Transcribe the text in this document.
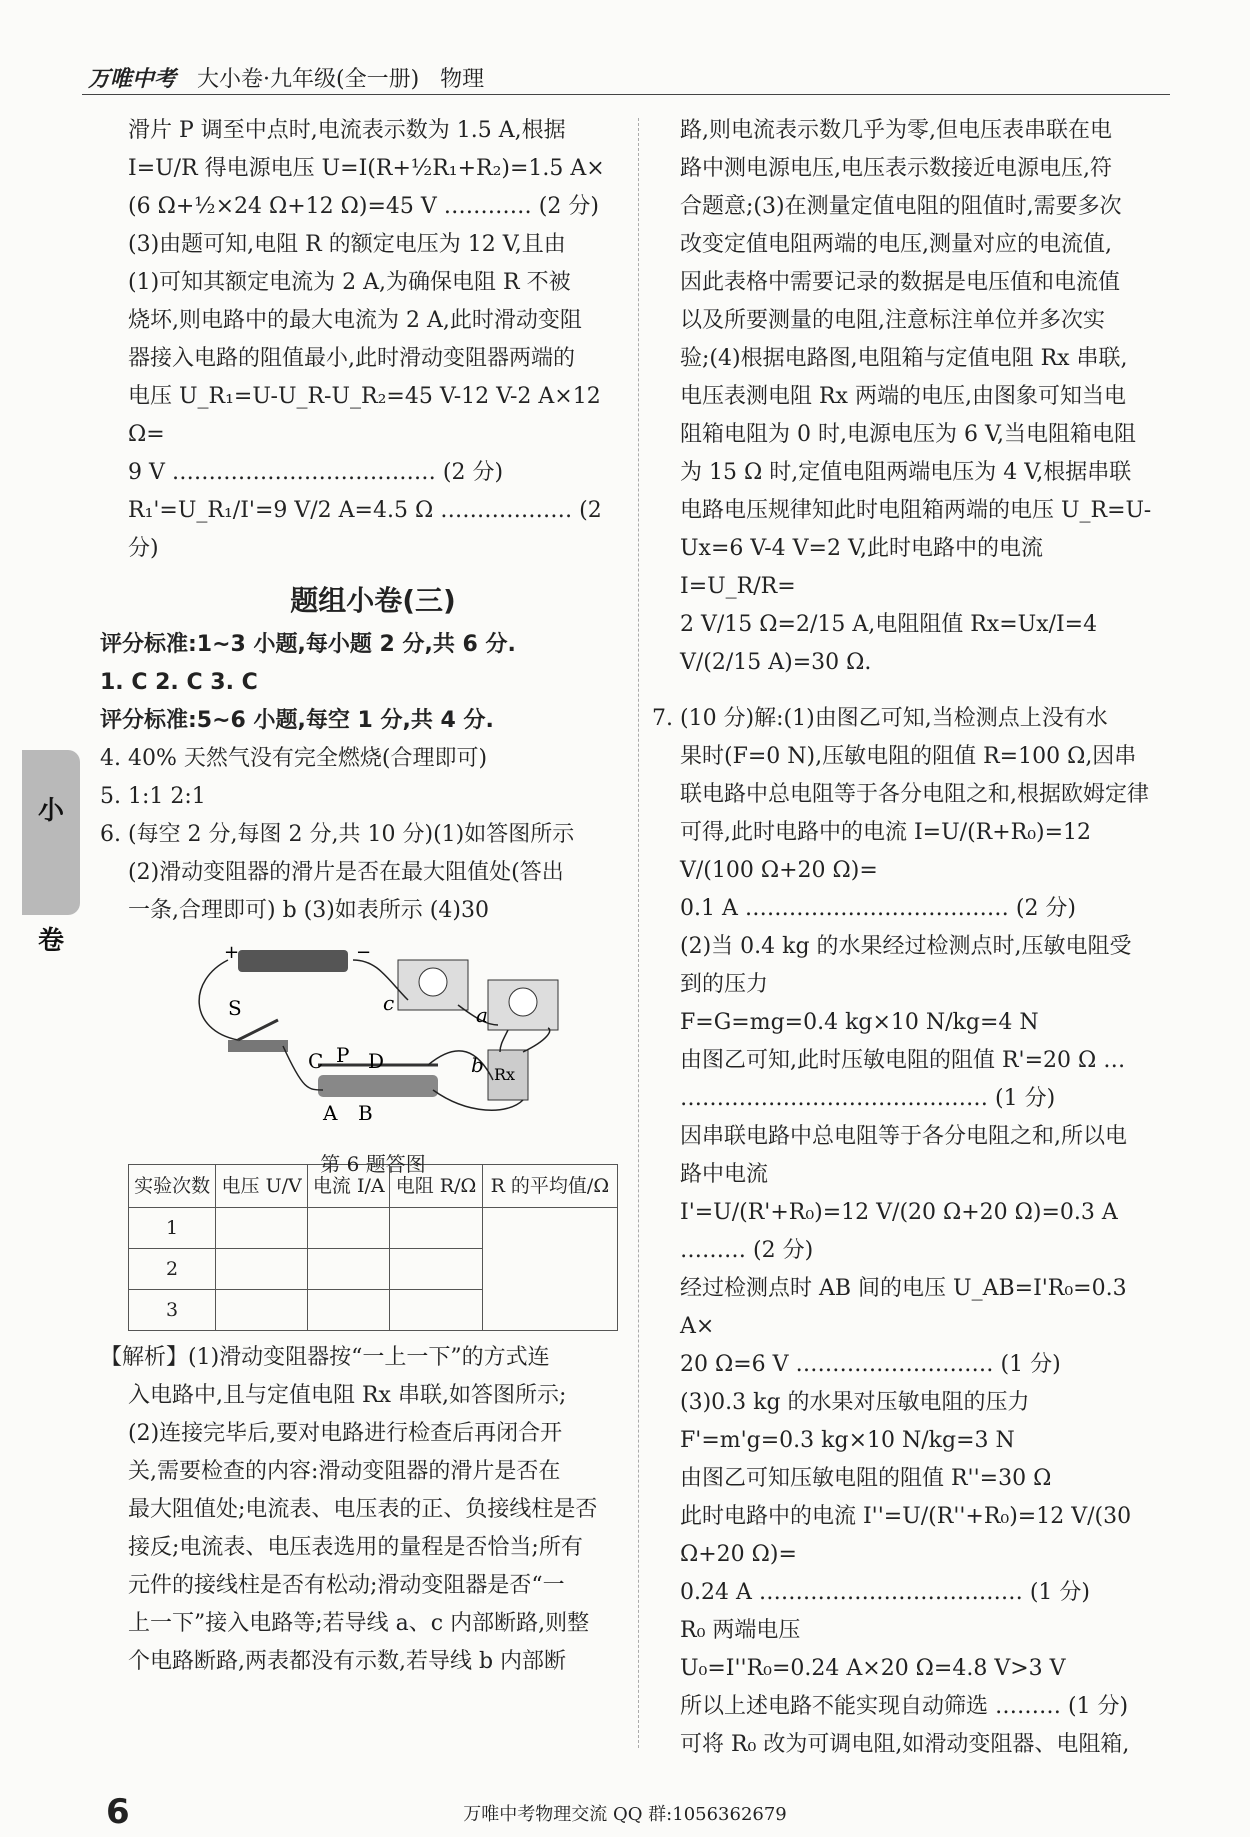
万唯中考 大小卷·九年级(全一册) 物理
小

卷

滑片 P 调至中点时,电流表示数为 1.5 A,根据

I=U/R 得电源电压 U=I(R+½R₁+R₂)=1.5 A×

(6 Ω+½×24 Ω+12 Ω)=45 V ………… (2 分)

(3)由题可知,电阻 R 的额定电压为 12 V,且由

(1)可知其额定电流为 2 A,为确保电阻 R 不被

烧坏,则电路中的最大电流为 2 A,此时滑动变阻

器接入电路的阻值最小,此时滑动变阻器两端的

电压 U_R₁=U-U_R-U_R₂=45 V-12 V-2 A×12 Ω=

9 V ……………………………… (2 分)

R₁'=U_R₁/I'=9 V/2 A=4.5 Ω ……………… (2 分)

题组小卷(三)

评分标准:1~3 小题,每小题 2 分,共 6 分.

1. C 2. C 3. C

评分标准:5~6 小题,每空 1 分,共 4 分.

4. 40% 天然气没有完全燃烧(合理即可)

5. 1:1 2:1

6. (每空 2 分,每图 2 分,共 10 分)(1)如答图所示

(2)滑动变阻器的滑片是否在最大阻值处(答出

一条,合理即可) b (3)如表所示 (4)30

+	−
S
C P D
A B
a
b
c
Rx
第 6 题答图
实验次数	电压 U/V	电流 I/A	电阻 R/Ω	R 的平均值/Ω
1				
2				
3				

【解析】(1)滑动变阻器按“一上一下”的方式连

入电路中,且与定值电阻 Rx 串联,如答图所示;

(2)连接完毕后,要对电路进行检查后再闭合开

关,需要检查的内容:滑动变阻器的滑片是否在

最大阻值处;电流表、电压表的正、负接线柱是否

接反;电流表、电压表选用的量程是否恰当;所有

元件的接线柱是否有松动;滑动变阻器是否“一

上一下”接入电路等;若导线 a、c 内部断路,则整

个电路断路,两表都没有示数,若导线 b 内部断

路,则电流表示数几乎为零,但电压表串联在电

路中测电源电压,电压表示数接近电源电压,符

合题意;(3)在测量定值电阻的阻值时,需要多次

改变定值电阻两端的电压,测量对应的电流值,

因此表格中需要记录的数据是电压值和电流值

以及所要测量的电阻,注意标注单位并多次实

验;(4)根据电路图,电阻箱与定值电阻 Rx 串联,

电压表测电阻 Rx 两端的电压,由图象可知当电

阻箱电阻为 0 时,电源电压为 6 V,当电阻箱电阻

为 15 Ω 时,定值电阻两端电压为 4 V,根据串联

电路电压规律知此时电阻箱两端的电压 U_R=U-

Ux=6 V-4 V=2 V,此时电路中的电流 I=U_R/R=

2 V/15 Ω=2/15 A,电阻阻值 Rx=Ux/I=4 V/(2/15 A)=30 Ω.

7. (10 分)解:(1)由图乙可知,当检测点上没有水

果时(F=0 N),压敏电阻的阻值 R=100 Ω,因串

联电路中总电阻等于各分电阻之和,根据欧姆定律

可得,此时电路中的电流 I=U/(R+R₀)=12 V/(100 Ω+20 Ω)=

0.1 A ……………………………… (2 分)

(2)当 0.4 kg 的水果经过检测点时,压敏电阻受

到的压力

F=G=mg=0.4 kg×10 N/kg=4 N

由图乙可知,此时压敏电阻的阻值 R'=20 Ω …

…………………………………… (1 分)

因串联电路中总电阻等于各分电阻之和,所以电

路中电流

I'=U/(R'+R₀)=12 V/(20 Ω+20 Ω)=0.3 A ……… (2 分)

经过检测点时 AB 间的电压 U_AB=I'R₀=0.3 A×

20 Ω=6 V ……………………… (1 分)

(3)0.3 kg 的水果对压敏电阻的压力

F'=m'g=0.3 kg×10 N/kg=3 N

由图乙可知压敏电阻的阻值 R''=30 Ω

此时电路中的电流 I''=U/(R''+R₀)=12 V/(30 Ω+20 Ω)=

0.24 A ……………………………… (1 分)

R₀ 两端电压

U₀=I''R₀=0.24 A×20 Ω=4.8 V>3 V

所以上述电路不能实现自动筛选 ……… (1 分)

可将 R₀ 改为可调电阻,如滑动变阻器、电阻箱,

6	万唯中考物理交流 QQ 群:1056362679
